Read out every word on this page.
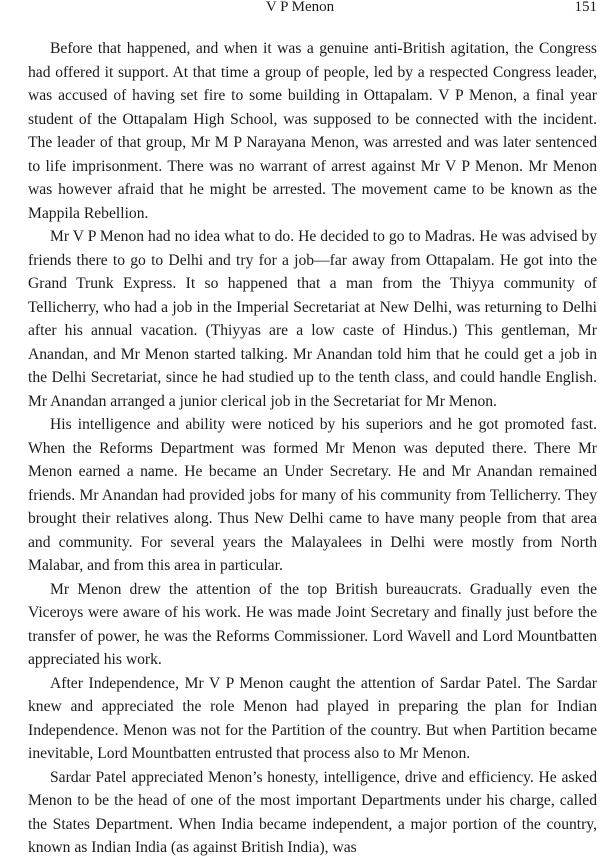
V P Menon	151

Before that happened, and when it was a genuine anti-British agitation, the Congress had offered it support. At that time a group of people, led by a respected Congress leader, was accused of having set fire to some building in Ottapalam. V P Menon, a final year student of the Ottapalam High School, was supposed to be connected with the incident. The leader of that group, Mr M P Narayana Menon, was arrested and was later sentenced to life imprisonment. There was no warrant of arrest against Mr V P Menon. Mr Menon was however afraid that he might be arrested. The movement came to be known as the Mappila Rebellion.

Mr V P Menon had no idea what to do. He decided to go to Madras. He was advised by friends there to go to Delhi and try for a job—far away from Ottapalam. He got into the Grand Trunk Express. It so happened that a man from the Thiyya community of Tellicherry, who had a job in the Imperial Secretariat at New Delhi, was returning to Delhi after his annual vacation. (Thiyyas are a low caste of Hindus.) This gentleman, Mr Anandan, and Mr Menon started talking. Mr Anandan told him that he could get a job in the Delhi Secretariat, since he had studied up to the tenth class, and could handle English. Mr Anandan arranged a junior clerical job in the Secretariat for Mr Menon.

His intelligence and ability were noticed by his superiors and he got promoted fast. When the Reforms Department was formed Mr Menon was deputed there. There Mr Menon earned a name. He became an Under Secretary. He and Mr Anandan remained friends. Mr Anandan had provided jobs for many of his community from Tellicherry. They brought their relatives along. Thus New Delhi came to have many people from that area and community. For several years the Malayalees in Delhi were mostly from North Malabar, and from this area in particular.

Mr Menon drew the attention of the top British bureaucrats. Gradually even the Viceroys were aware of his work. He was made Joint Secretary and finally just before the transfer of power, he was the Reforms Commissioner. Lord Wavell and Lord Mountbatten appreciated his work.

After Independence, Mr V P Menon caught the attention of Sardar Patel. The Sardar knew and appreciated the role Menon had played in preparing the plan for Indian Independence. Menon was not for the Partition of the country. But when Partition became inevitable, Lord Mountbatten entrusted that process also to Mr Menon.

Sardar Patel appreciated Menon’s honesty, intelligence, drive and efficiency. He asked Menon to be the head of one of the most important Departments under his charge, called the States Department. When India became independent, a major portion of the country, known as Indian India (as against British India), was
